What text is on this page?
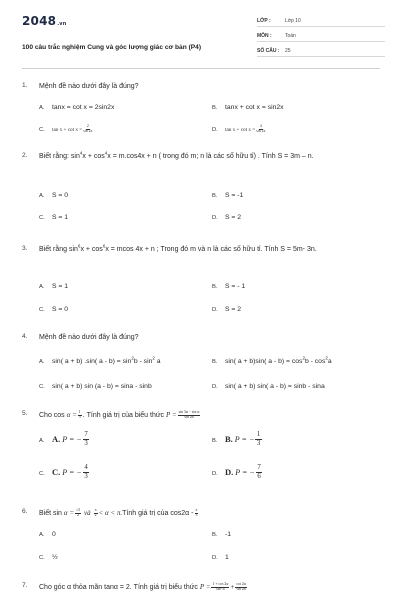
2048.vn
100 câu trắc nghiệm Cung và góc lượng giác cơ bản (P4)
LỚP :	Lớp 10
MÔN :	Toán
SỐ CÂU : 25
1. Mệnh đề nào dưới đây là đúng?
A. tanx = cot x = 2sin2x	B. tanx + cot x = sin2x
C. $\tan x + \cot x = \frac{2}{\sin 2x}$	D. $\tan x + \cot x = \frac{4}{\sin 2x}$
2. Biết rằng: $\sin^4x + \cos^4x = m.\cos 4x + n$ ( trong đó m; n là các số hữu tỉ) . Tính S = 3m – n.
A. S = 0	B. S = -1
C. S = 1	D. S = 2
3. Biết rằng $\sin^6x + \cos^6x = mcos$ 4x + n ; Trong đó m và n là các số hữu tỉ. Tính S = 5m- 3n.
A. S = 1	B. S = - 1
C. S = 0	D. S = 2
4. Mệnh đề nào dưới đây là đúng?
A. sin( a + b) .sin( $a - b) = \sin^2b - \sin^2 a$	B. sin( a + b)sin( $a - b) = \cos^2b - \cos^2a$
C. sin( a + b) sin (a - b) = sina - sinb	D. sin( a + b) sin( a - b) = sinb - sina
5. Cho $\cos \alpha = \frac{1}{3}$ . Tính giá trị của biểu thức $P = \frac{\text{sin 3α − sin α}}{\sin 2\alpha}$
A. A. P = − $\frac{7}{3}$	B. B. P = − $\frac{1}{3}$
C. C. P = − $\frac{4}{3}$	D. D. P = − $\frac{7}{6}$
6. Biết $\sin \alpha = \frac{√3}{2}$ và $\frac{\pi}{2} < \alpha$ < π.Tính giá trị của $\cos 2\alpha - \frac{\pi}{3}$
A. 0	B. -1
C. ½	D. 1
7. Cho góc α thỏa mãn tanα = 2. Tính giá trị biểu thức $P = \frac{1 + \cos 2\alpha}{\text{sin² α}} + \frac{\cot 2\alpha}{\sin 2\alpha}$
